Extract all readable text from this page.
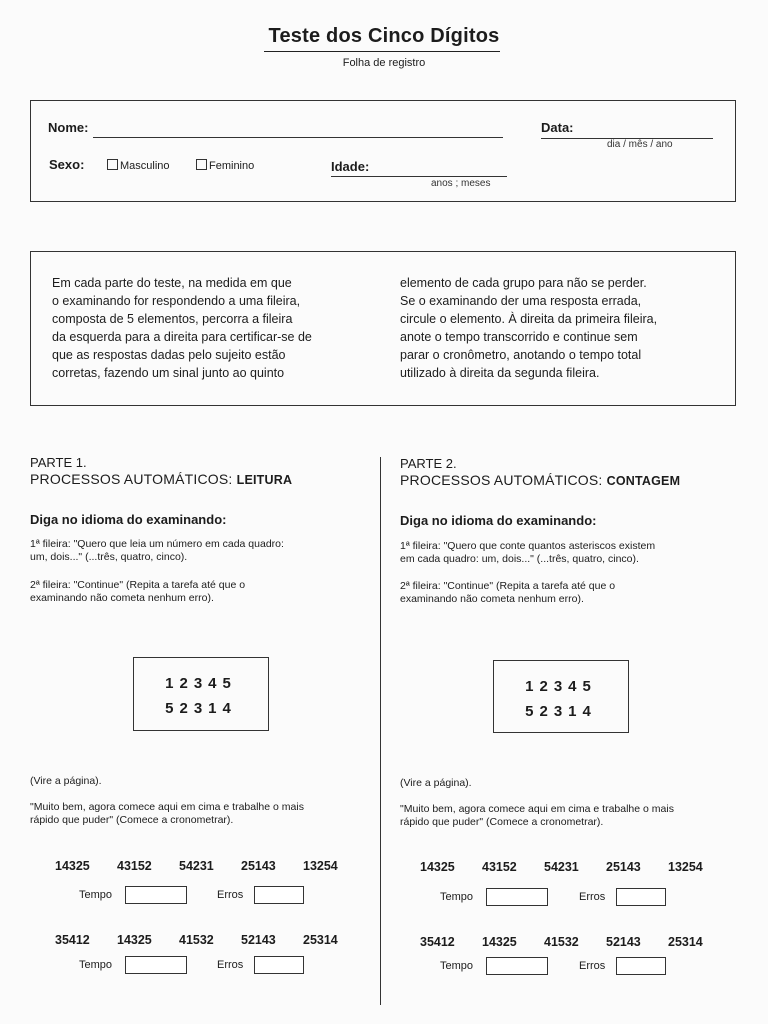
Teste dos Cinco Dígitos
Folha de registro
Nome:	Data:
dia / mês / ano
Sexo:	Masculino	Feminino	Idade:
anos ; meses
Em cada parte do teste, na medida em que
o examinando for respondendo a uma fileira,
composta de 5 elementos, percorra a fileira
da esquerda para a direita para certificar-se de
que as respostas dadas pelo sujeito estão
corretas, fazendo um sinal junto ao quinto
elemento de cada grupo para não se perder.
Se o examinando der uma resposta errada,
circule o elemento. À direita da primeira fileira,
anote o tempo transcorrido e continue sem
parar o cronômetro, anotando o tempo total
utilizado à direita da segunda fileira.
PARTE 1.
PROCESSOS AUTOMÁTICOS: LEITURA
Diga no idioma do examinando:
1ª fileira: "Quero que leia um número em cada quadro:
um, dois..." (...três, quatro, cinco).
2ª fileira: "Continue" (Repita a tarefa até que o
examinando não cometa nenhum erro).
12345
52314
(Vire a página).
"Muito bem, agora comece aqui em cima e trabalhe o mais
rápido que puder" (Comece a cronometrar).
14325 43152 54231 25143 13254
Tempo	Erros
35412 14325 41532 52143 25314
Tempo	Erros
PARTE 2.
PROCESSOS AUTOMÁTICOS: CONTAGEM
Diga no idioma do examinando:
1ª fileira: "Quero que conte quantos asteriscos existem
em cada quadro: um, dois..." (...três, quatro, cinco).
2ª fileira: "Continue" (Repita a tarefa até que o
examinando não cometa nenhum erro).
12345
52314
(Vire a página).
"Muito bem, agora comece aqui em cima e trabalhe o mais
rápido que puder" (Comece a cronometrar).
14325 43152 54231 25143 13254
Tempo	Erros
35412 14325 41532 52143 25314
Tempo	Erros
